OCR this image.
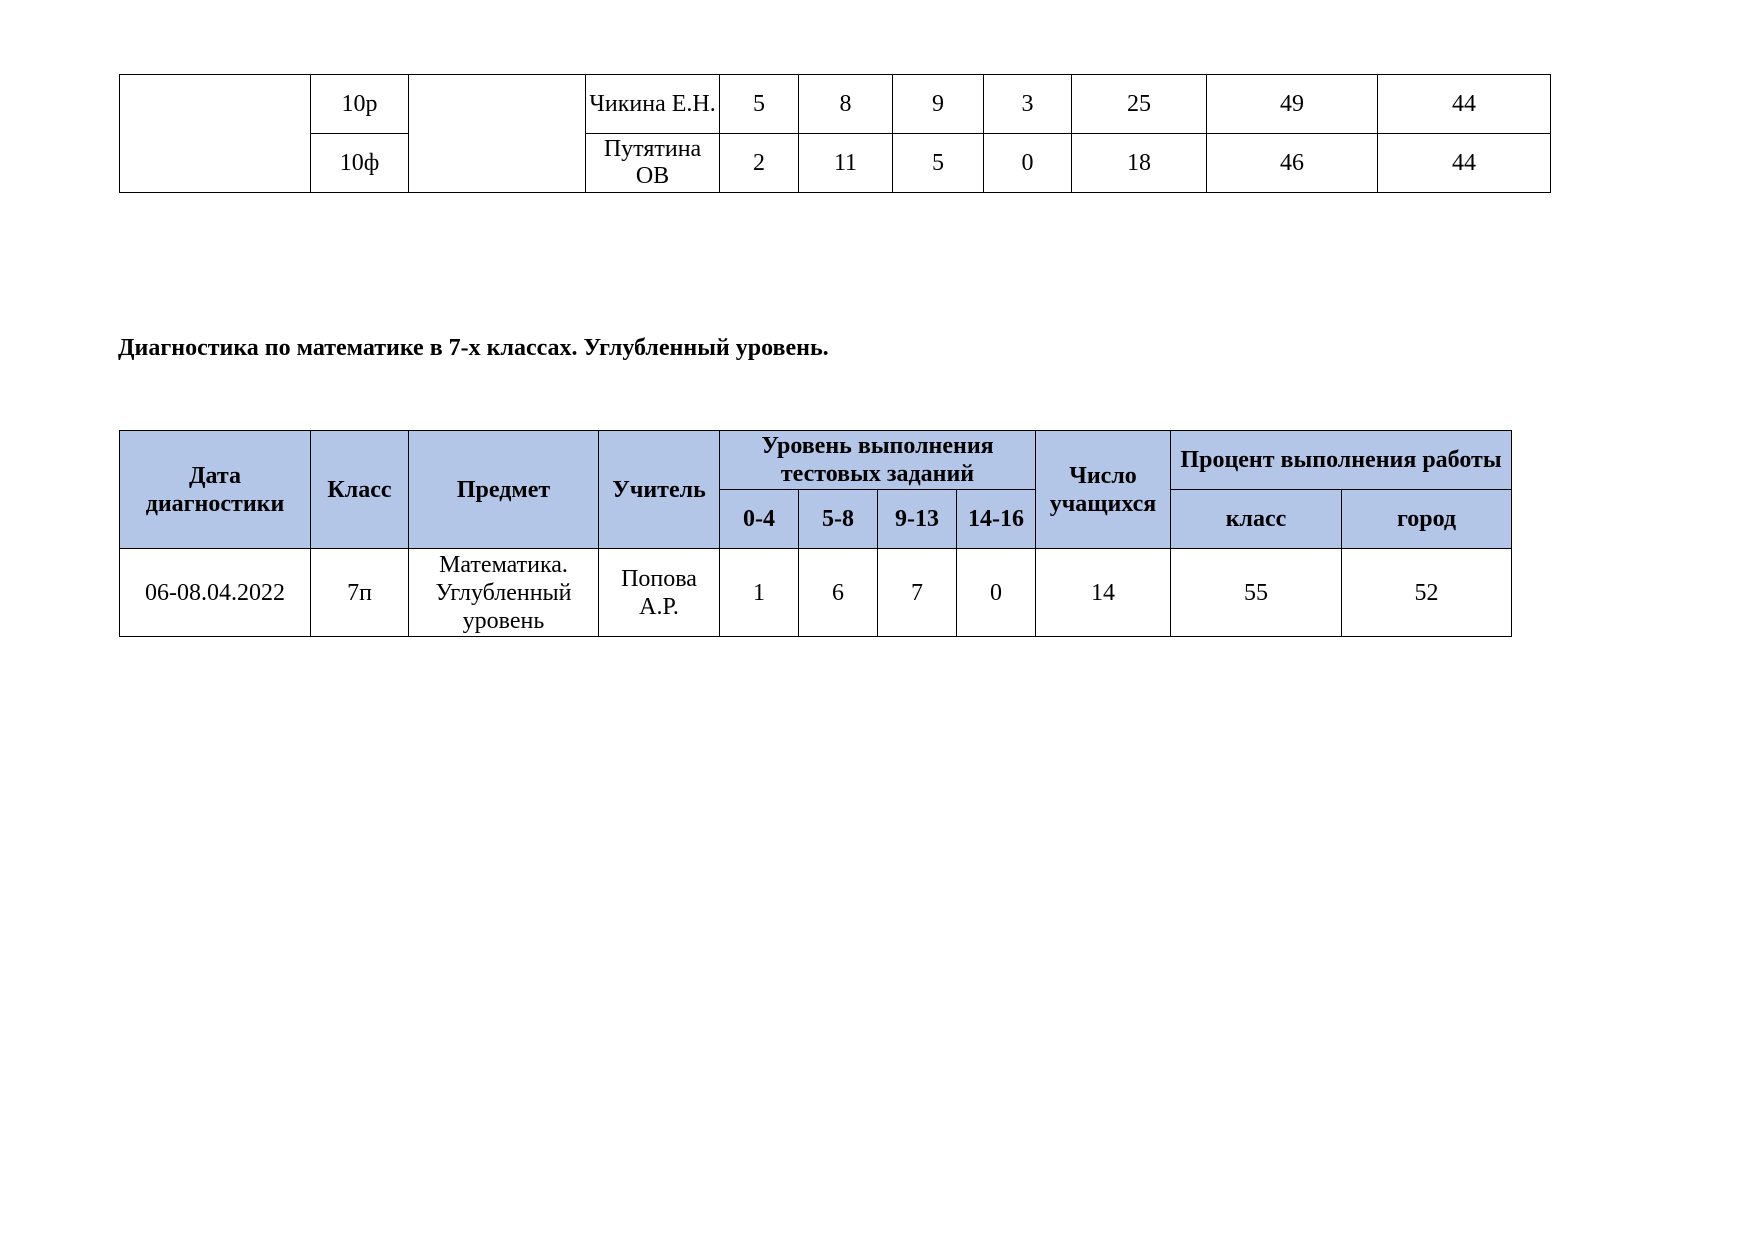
	10р		Чикина Е.Н.	5	8	9	3	25	49	44
	10ф		Путятина ОВ	2	11	5	0	18	46	44
Диагностика по математике в 7-х классах. Углубленный уровень.
Дата диагностики	Класс	Предмет	Учитель	Уровень выполнения тестовых заданий				Число учащихся	Процент выполнения работы	
				0-4	5-8	9-13	14-16		класс	город
06-08.04.2022	7п	Математика. Углубленный уровень	Попова А.Р.	1	6	7	0	14	55	52
